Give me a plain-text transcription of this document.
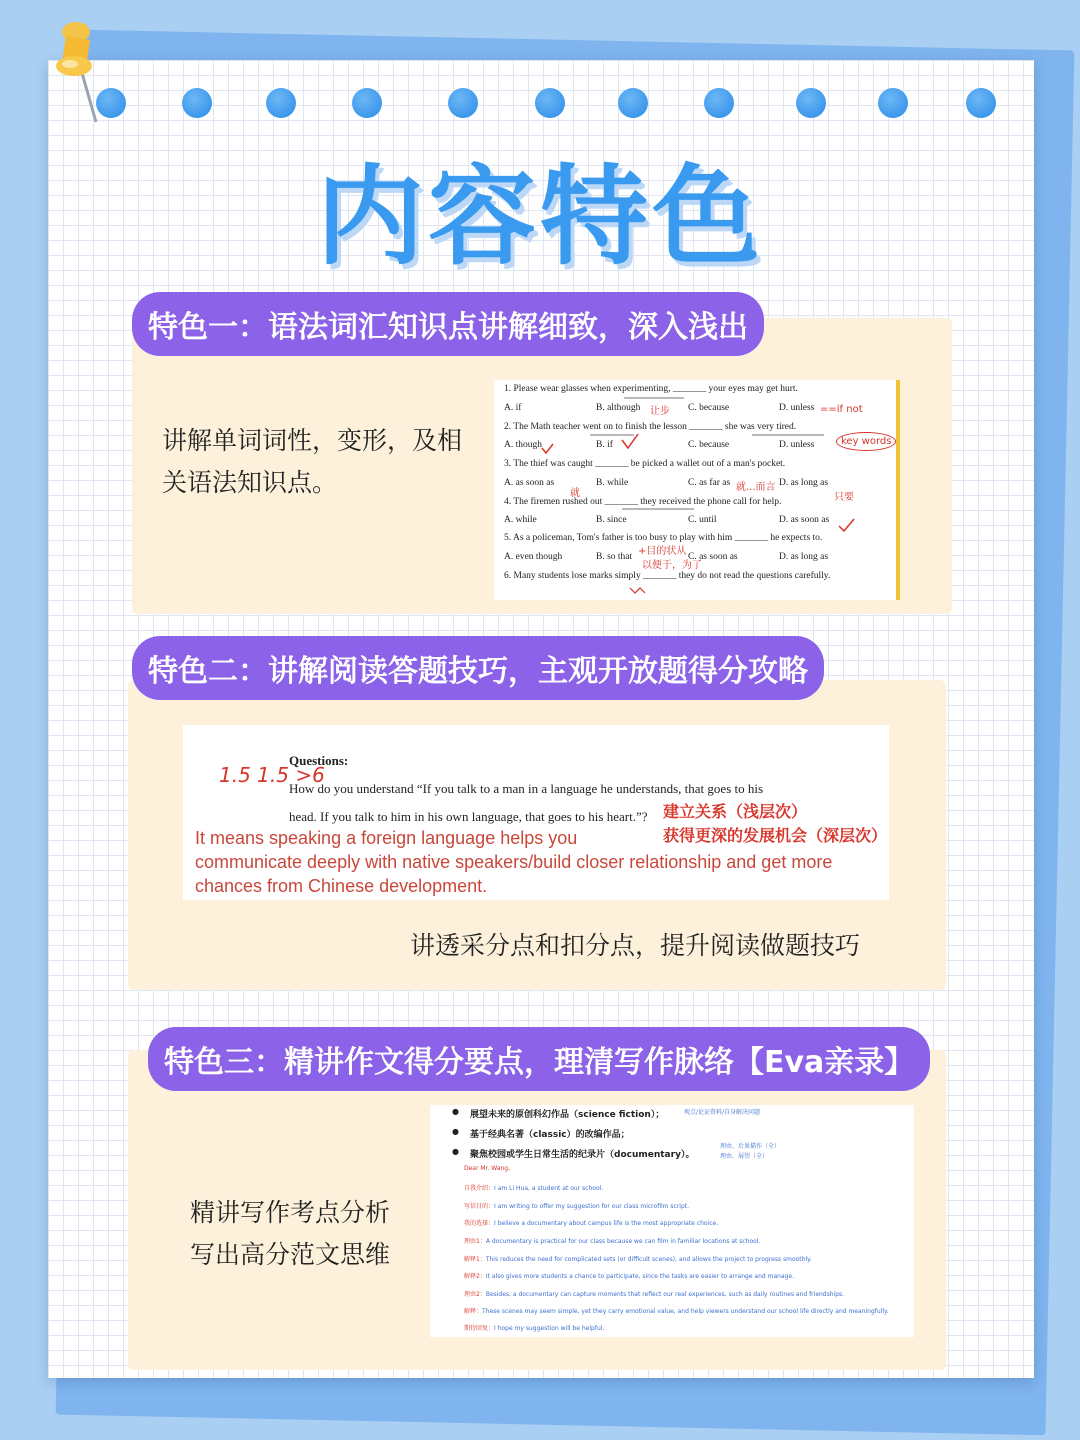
内容特色
特色一：语法词汇知识点讲解细致，深入浅出
讲解单词词性，变形，及相
关语法知识点。
1. Please wear glasses when experimenting, _______ your eyes may get hurt.
A. if	B. although	C. because	D. unless
2. The Math teacher went on to finish the lesson _______ she was very tired.
A. though	B. if	C. because	D. unless
3. The thief was caught _______ be picked a wallet out of a man's pocket.
A. as soon as	B. while	C. as far as	D. as long as
4. The firemen rushed out _______ they received the phone call for help.
A. while	B. since	C. until	D. as soon as
5. As a policeman, Tom's father is too busy to play with him _______ he expects to.
A. even though	B. so that	C. as soon as	D. as long as
6. Many students lose marks simply _______ they do not read the questions carefully.
让步	==if not
key words
就
就...而言
只要
+目的状从
以便于，为了
特色二：讲解阅读答题技巧，主观开放题得分攻略
1.5 1.5 >6
Questions:
How do you understand “If you talk to a man in a language he understands, that goes to his
head. If you talk to him in his own language, that goes to his heart.”? 建立关系（浅层次）
获得更深的发展机会（深层次）
It means speaking a foreign language helps you
communicate deeply with native speakers/build closer relationship and get more
chances from Chinese development.
讲透采分点和扣分点，提升阅读做题技巧
特色三：精讲作文得分要点，理清写作脉络【Eva亲录】
精讲写作考点分析
写出高分范文思维
● 展望未来的原创科幻作品（science fiction）；
● 基于经典名著（classic）的改编作品；
● 聚焦校园或学生日常生活的纪录片（documentary）。
观点/论证资料/自身解决问题
理由、后果描作（全）
理由、展望（全）
Dear Mr. Wang,
自我介绍：I am Li Hua, a student at our school.
写信目的：I am writing to offer my suggestion for our class microfilm script.
我的选择：I believe a documentary about campus life is the most appropriate choice.
理由1：A documentary is practical for our class because we can film in familiar locations at school.
解释1：This reduces the need for complicated sets (or difficult scenes), and allows the project to progress smoothly.
解释2：It also gives more students a chance to participate, since the tasks are easier to arrange and manage.
理由2：Besides, a documentary can capture moments that reflect our real experiences, such as daily routines and friendships.
解释：These scenes may seem simple, yet they carry emotional value, and help viewers understand our school life directly and meaningfully.
期待回复：I hope my suggestion will be helpful.
